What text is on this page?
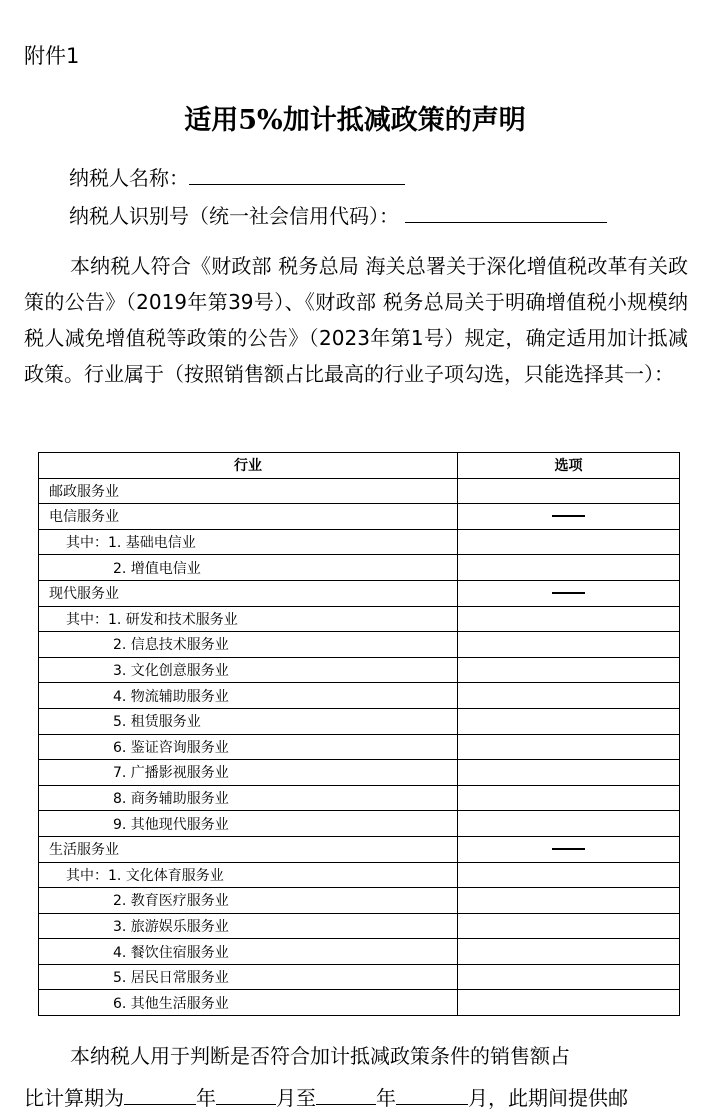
附件1
适用5%加计抵减政策的声明
纳税人名称：
纳税人识别号（统一社会信用代码）：
本纳税人符合《财政部 税务总局 海关总署关于深化增值税改革有关政策的公告》（2019年第39号）、《财政部 税务总局关于明确增值税小规模纳税人减免增值税等政策的公告》（2023年第1号）规定，确定适用加计抵减政策。行业属于（按照销售额占比最高的行业子项勾选，只能选择其一）：
行业	选项
邮政服务业	
电信服务业	
其中：1. 基础电信业	
2. 增值电信业	
现代服务业	
其中：1. 研发和技术服务业	
2. 信息技术服务业	
3. 文化创意服务业	
4. 物流辅助服务业	
5. 租赁服务业	
6. 鉴证咨询服务业	
7. 广播影视服务业	
8. 商务辅助服务业	
9. 其他现代服务业	
生活服务业	
其中：1. 文化体育服务业	
2. 教育医疗服务业	
3. 旅游娱乐服务业	
4. 餐饮住宿服务业	
5. 居民日常服务业	
6. 其他生活服务业	
本纳税人用于判断是否符合加计抵减政策条件的销售额占
比计算期为	年	月至	年	月，此期间提供邮
